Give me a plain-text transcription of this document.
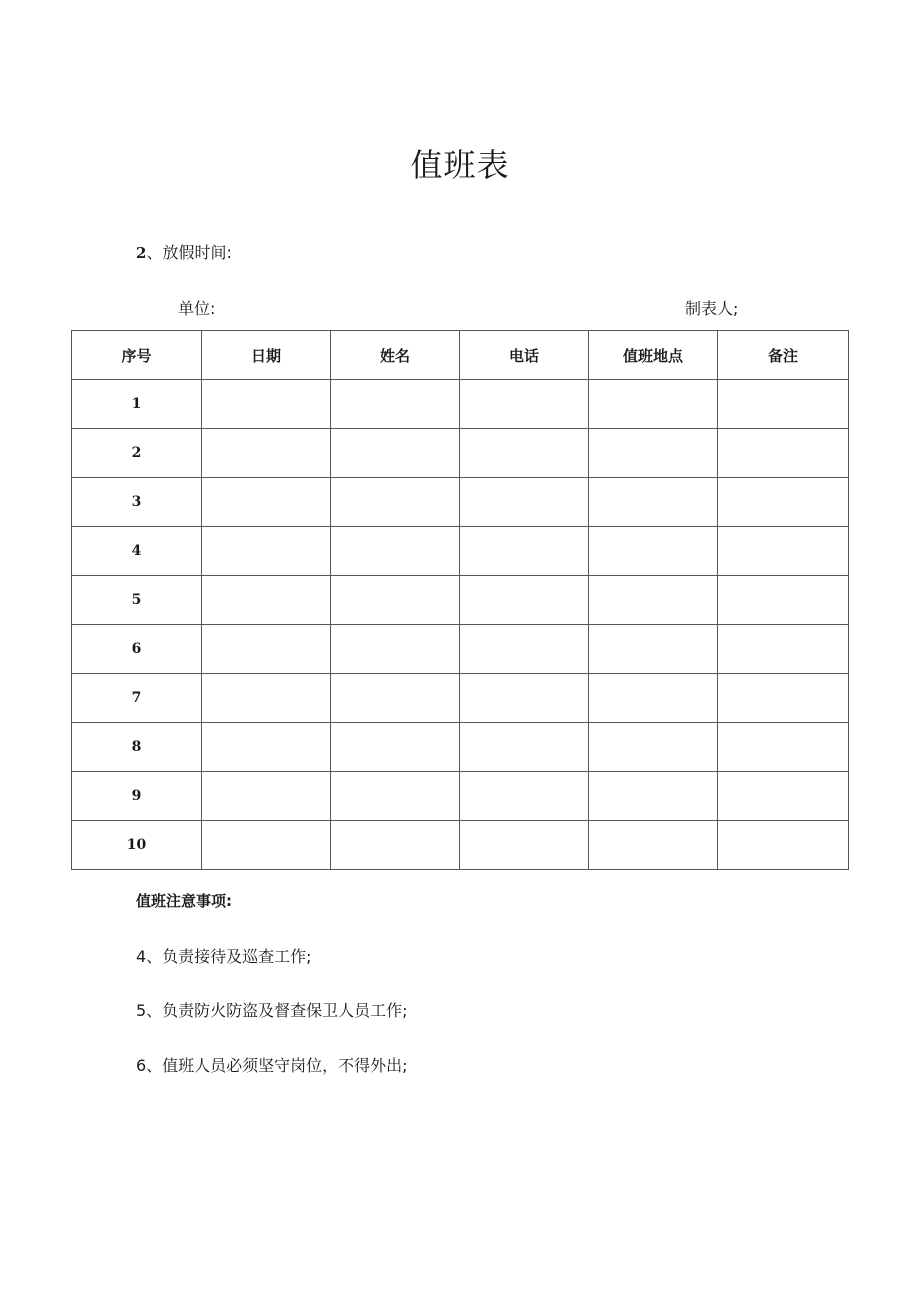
值班表
2、放假时间:
单位:	制表人;
序号	日期	姓名	电话	值班地点	备注
1					
2					
3					
4					
5					
6					
7					
8					
9					
10					
值班注意事项:
4、负责接待及巡查工作;
5、负责防火防盗及督查保卫人员工作;
6、值班人员必须坚守岗位，不得外出;
